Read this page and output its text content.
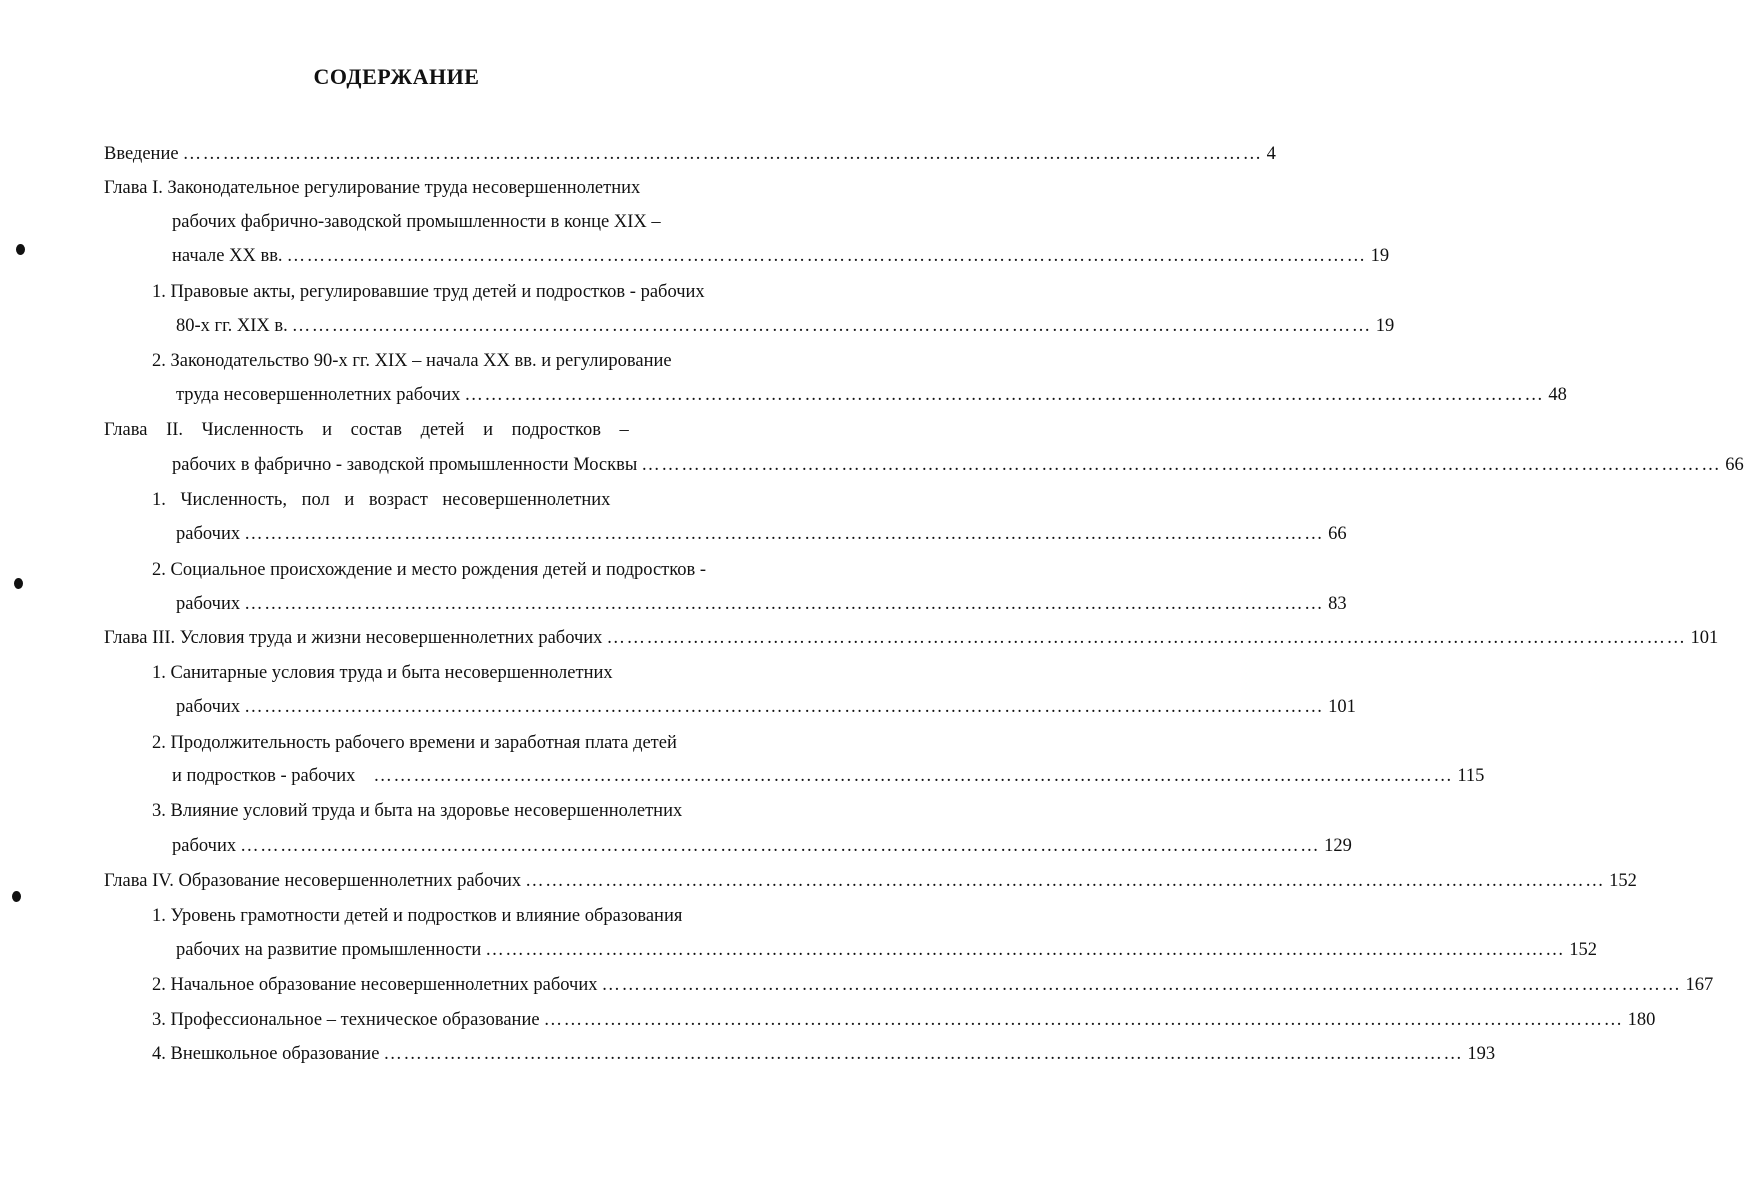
СОДЕРЖАНИЕ
Введение ……………………………………………………………………………………………………………………………………………… 4
Глава I. Законодательное регулирование труда несовершеннолетних
рабочих фабрично-заводской промышленности в конце XIX –
начале XX вв. ……………………………………………………………………………………………………………………………………………… 19
1. Правовые акты, регулировавшие труд детей и подростков - рабочих
80-х гг. XIX в. ……………………………………………………………………………………………………………………………………………… 19
2. Законодательство 90-х гг. XIX – начала XX вв. и регулирование
труда несовершеннолетних рабочих ……………………………………………………………………………………………………………………………………………… 48
Глава II. Численность и состав детей и подростков –
рабочих в фабрично - заводской промышленности Москвы ……………………………………………………………………………………………………………………………………………… 66
1. Численность, пол и возраст несовершеннолетних
рабочих ……………………………………………………………………………………………………………………………………………… 66
2. Социальное происхождение и место рождения детей и подростков -
рабочих ……………………………………………………………………………………………………………………………………………… 83
Глава III. Условия труда и жизни несовершеннолетних рабочих ……………………………………………………………………………………………………………………………………………… 101
1. Санитарные условия труда и быта несовершеннолетних
рабочих ……………………………………………………………………………………………………………………………………………… 101
2. Продолжительность рабочего времени и заработная плата детей
и подростков - рабочих ……………………………………………………………………………………………………………………………………………… 115
3. Влияние условий труда и быта на здоровье несовершеннолетних
рабочих ……………………………………………………………………………………………………………………………………………… 129
Глава IV. Образование несовершеннолетних рабочих ……………………………………………………………………………………………………………………………………………… 152
1. Уровень грамотности детей и подростков и влияние образования
рабочих на развитие промышленности ……………………………………………………………………………………………………………………………………………… 152
2. Начальное образование несовершеннолетних рабочих ……………………………………………………………………………………………………………………………………………… 167
3. Профессиональное – техническое образование ……………………………………………………………………………………………………………………………………………… 180
4. Внешкольное образование ……………………………………………………………………………………………………………………………………………… 193
